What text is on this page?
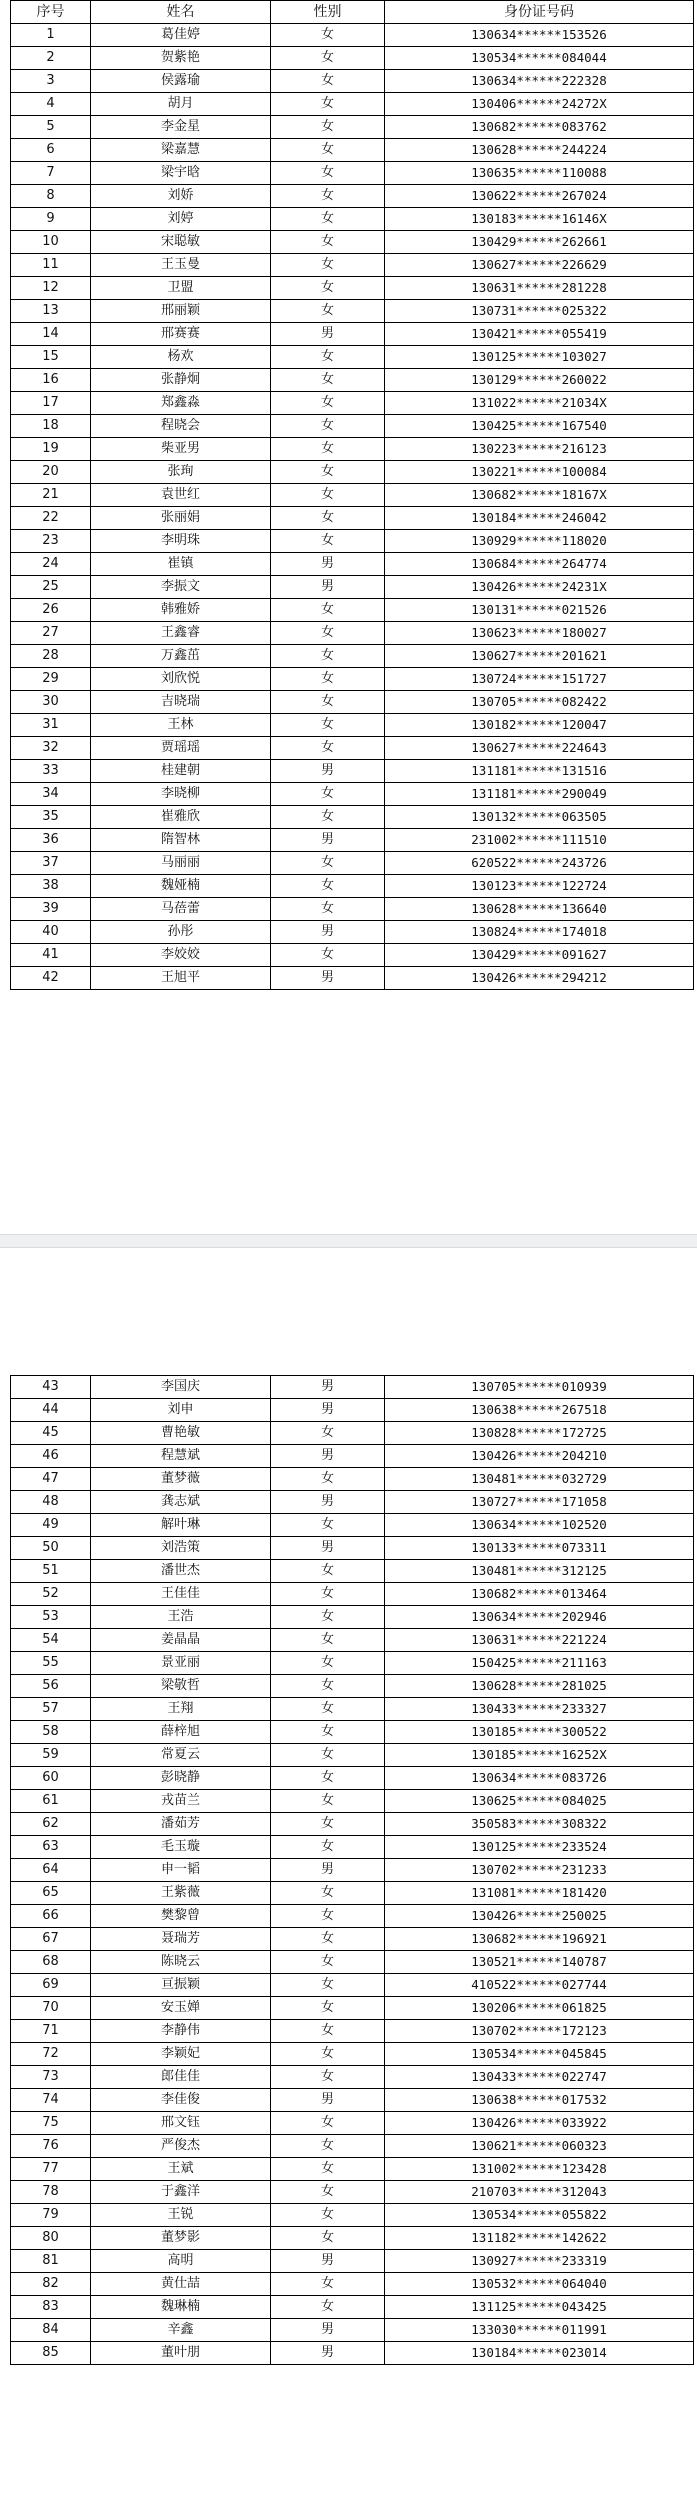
序号	姓名	性别	身份证号码
1	葛佳婷	女	130634******153526
2	贺紫艳	女	130534******084044
3	侯露瑜	女	130634******222328
4	胡月	女	130406******24272X
5	李金星	女	130682******083762
6	梁嘉慧	女	130628******244224
7	梁宇晗	女	130635******110088
8	刘娇	女	130622******267024
9	刘婷	女	130183******16146X
10	宋聪敏	女	130429******262661
11	王玉曼	女	130627******226629
12	卫盟	女	130631******281228
13	邢丽颖	女	130731******025322
14	邢赛赛	男	130421******055419
15	杨欢	女	130125******103027
16	张静炯	女	130129******260022
17	郑鑫淼	女	131022******21034X
18	程晓会	女	130425******167540
19	柴亚男	女	130223******216123
20	张珣	女	130221******100084
21	袁世红	女	130682******18167X
22	张丽娟	女	130184******246042
23	李明珠	女	130929******118020
24	崔镇	男	130684******264774
25	李振文	男	130426******24231X
26	韩雅娇	女	130131******021526
27	王鑫睿	女	130623******180027
28	万鑫茁	女	130627******201621
29	刘欣悦	女	130724******151727
30	吉晓瑞	女	130705******082422
31	王林	女	130182******120047
32	贾瑶瑶	女	130627******224643
33	桂建朝	男	131181******131516
34	李晓柳	女	131181******290049
35	崔雅欣	女	130132******063505
36	隋智林	男	231002******111510
37	马丽丽	女	620522******243726
38	魏娅楠	女	130123******122724
39	马蓓蕾	女	130628******136640
40	孙彤	男	130824******174018
41	李姣姣	女	130429******091627
42	王旭平	男	130426******294212
43	李国庆	男	130705******010939
44	刘申	男	130638******267518
45	曹艳敏	女	130828******172725
46	程慧斌	男	130426******204210
47	董梦薇	女	130481******032729
48	龚志斌	男	130727******171058
49	解叶琳	女	130634******102520
50	刘浩策	男	130133******073311
51	潘世杰	女	130481******312125
52	王佳佳	女	130682******013464
53	王浩	女	130634******202946
54	姜晶晶	女	130631******221224
55	景亚丽	女	150425******211163
56	梁敬哲	女	130628******281025
57	王翔	女	130433******233327
58	薛梓旭	女	130185******300522
59	常夏云	女	130185******16252X
60	彭晓静	女	130634******083726
61	戎苗兰	女	130625******084025
62	潘茹芳	女	350583******308322
63	毛玉璇	女	130125******233524
64	申一韬	男	130702******231233
65	王紫薇	女	131081******181420
66	樊黎曾	女	130426******250025
67	聂瑞芳	女	130682******196921
68	陈晓云	女	130521******140787
69	亘振颖	女	410522******027744
70	安玉婵	女	130206******061825
71	李静伟	女	130702******172123
72	李颖妃	女	130534******045845
73	郎佳佳	女	130433******022747
74	李佳俊	男	130638******017532
75	邢文钰	女	130426******033922
76	严俊杰	女	130621******060323
77	王斌	女	131002******123428
78	于鑫洋	女	210703******312043
79	王锐	女	130534******055822
80	董梦影	女	131182******142622
81	高明	男	130927******233319
82	黄仕喆	女	130532******064040
83	魏琳楠	女	131125******043425
84	辛鑫	男	133030******011991
85	董叶朋	男	130184******023014
